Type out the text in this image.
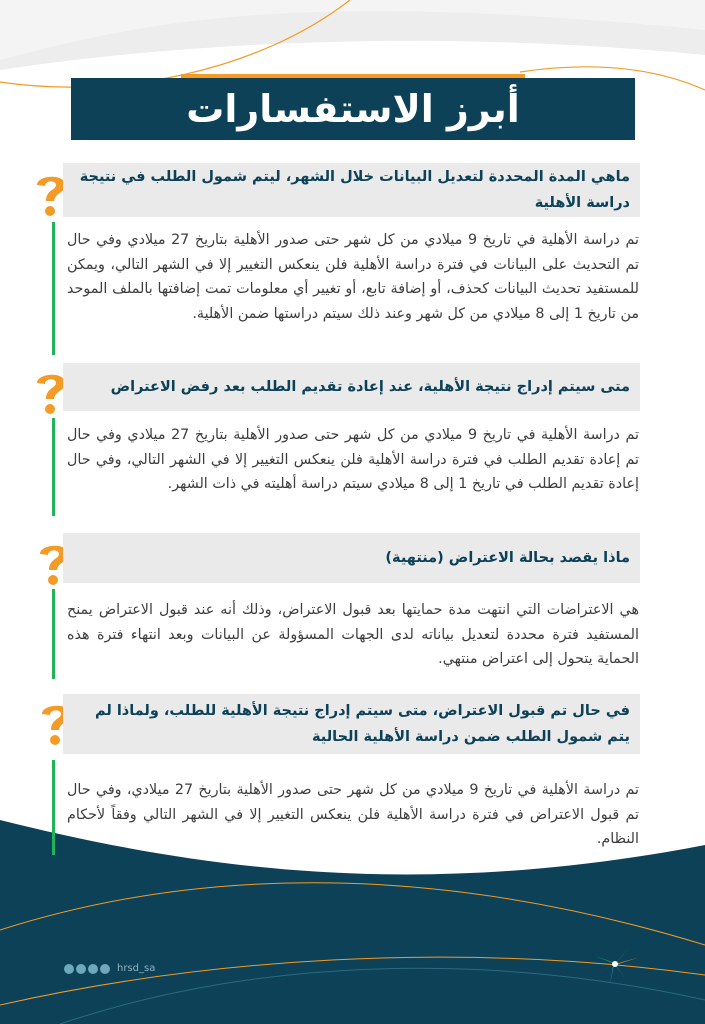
أبرز الاستفسارات
ماهي المدة المحددة لتعديل البيانات خلال الشهر، ليتم شمول الطلب في نتيجة دراسة الأهلية
تم دراسة الأهلية في تاريخ 9 ميلادي من كل شهر حتى صدور الأهلية بتاريخ 27 ميلادي وفي حال تم التحديث على البيانات في فترة دراسة الأهلية فلن ينعكس التغيير إلا في الشهر التالي، ويمكن للمستفيد تحديث البيانات كحذف، أو إضافة تابع، أو تغيير أي معلومات تمت إضافتها بالملف الموحد من تاريخ 1 إلى 8 ميلادي من كل شهر وعند ذلك سيتم دراستها ضمن الأهلية.
متى سيتم إدراج نتيجة الأهلية، عند إعادة تقديم الطلب بعد رفض الاعتراض
تم دراسة الأهلية في تاريخ 9 ميلادي من كل شهر حتى صدور الأهلية بتاريخ 27 ميلادي وفي حال تم إعادة تقديم الطلب في فترة دراسة الأهلية فلن ينعكس التغيير إلا في الشهر التالي، وفي حال إعادة تقديم الطلب في تاريخ 1 إلى 8 ميلادي سيتم دراسة أهليته في ذات الشهر.
ماذا يقصد بحالة الاعتراض (منتهية)
هي الاعتراضات التي انتهت مدة حمايتها بعد قبول الاعتراض، وذلك أنه عند قبول الاعتراض يمنح المستفيد فترة محددة لتعديل بياناته لدى الجهات المسؤولة عن البيانات وبعد انتهاء فترة هذه الحماية يتحول إلى اعتراض منتهي.
في حال تم قبول الاعتراض، متى سيتم إدراج نتيجة الأهلية للطلب، ولماذا لم يتم شمول الطلب ضمن دراسة الأهلية الحالية
تم دراسة الأهلية في تاريخ 9 ميلادي من كل شهر حتى صدور الأهلية بتاريخ 27 ميلادي، وفي حال تم قبول الاعتراض في فترة دراسة الأهلية فلن ينعكس التغيير إلا في الشهر التالي وفقاً لأحكام النظام.
hrsd_sa
